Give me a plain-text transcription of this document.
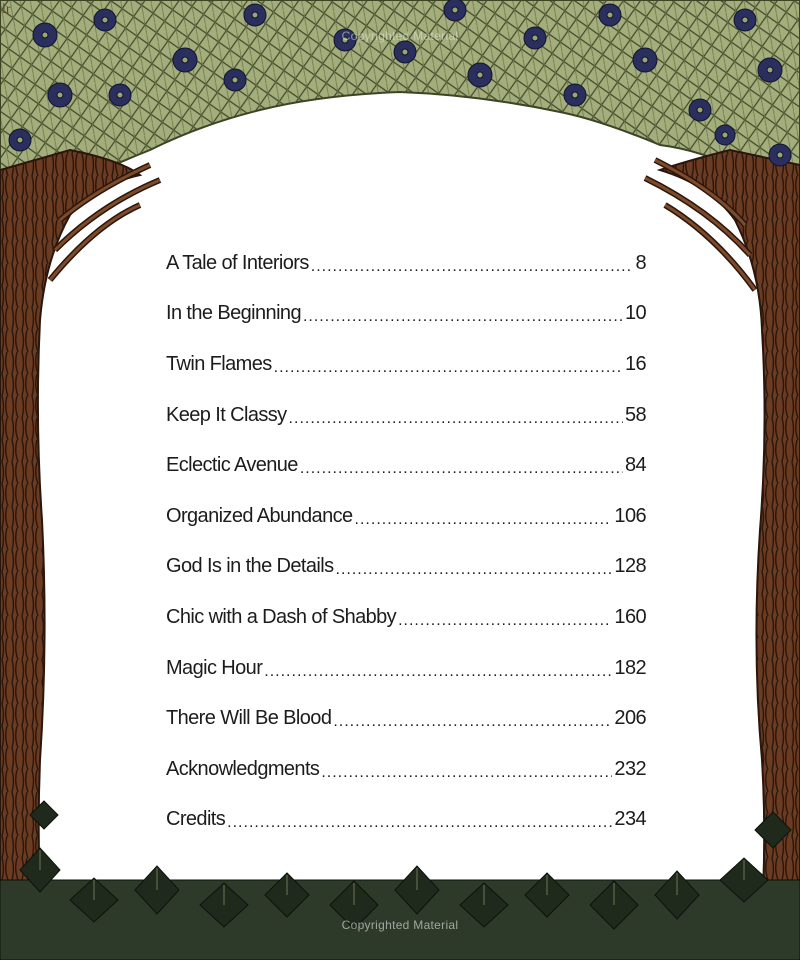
lr
Copyrighted Material
Copyrighted Material
A Tale of Interiors .....	8
In the Beginning .....	10
Twin Flames .....	16
Keep It Classy .....	58
Eclectic Avenue .....	84
Organized Abundance .....	106
God Is in the Details .....	128
Chic with a Dash of Shabby .....	160
Magic Hour .....	182
There Will Be Blood .....	206
Acknowledgments .....	232
Credits .....	234
